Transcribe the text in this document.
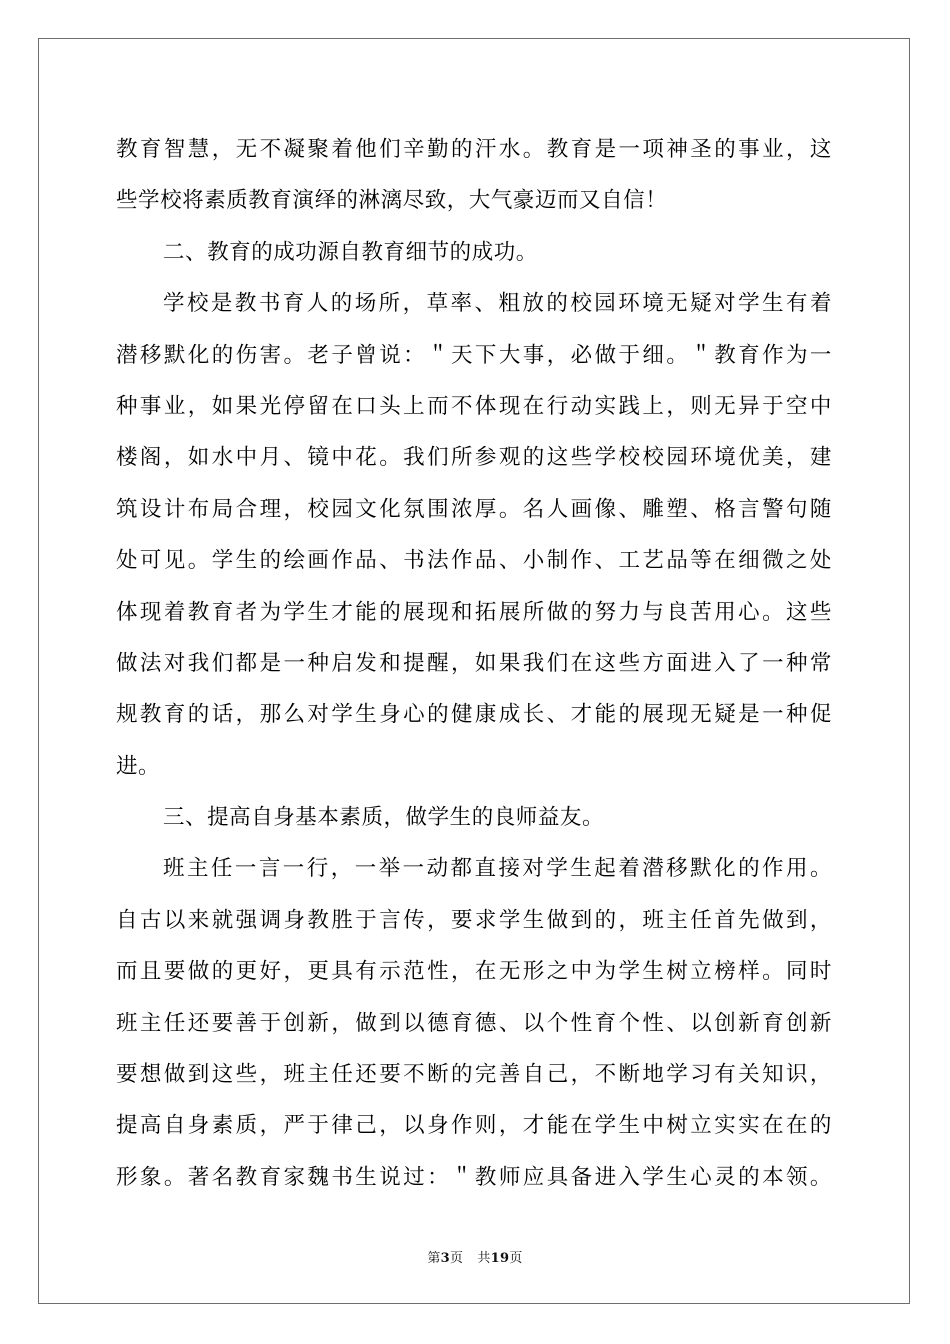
教育智慧，无不凝聚着他们辛勤的汗水。教育是一项神圣的事业，这
些学校将素质教育演绎的淋漓尽致，大气豪迈而又自信！
二、教育的成功源自教育细节的成功。
学校是教书育人的场所，草率、粗放的校园环境无疑对学生有着
潜移默化的伤害。老子曾说：＂天下大事，必做于细。＂教育作为一
种事业，如果光停留在口头上而不体现在行动实践上，则无异于空中
楼阁，如水中月、镜中花。我们所参观的这些学校校园环境优美，建
筑设计布局合理，校园文化氛围浓厚。名人画像、雕塑、格言警句随
处可见。学生的绘画作品、书法作品、小制作、工艺品等在细微之处
体现着教育者为学生才能的展现和拓展所做的努力与良苦用心。这些
做法对我们都是一种启发和提醒，如果我们在这些方面进入了一种常
规教育的话，那么对学生身心的健康成长、才能的展现无疑是一种促
进。
三、提高自身基本素质，做学生的良师益友。
班主任一言一行，一举一动都直接对学生起着潜移默化的作用。
自古以来就强调身教胜于言传，要求学生做到的，班主任首先做到，
而且要做的更好，更具有示范性，在无形之中为学生树立榜样。同时
班主任还要善于创新，做到以德育德、以个性育个性、以创新育创新
要想做到这些，班主任还要不断的完善自己，不断地学习有关知识，
提高自身素质，严于律己，以身作则，才能在学生中树立实实在在的
形象。著名教育家魏书生说过：＂教师应具备进入学生心灵的本领。
第3页 共19页
